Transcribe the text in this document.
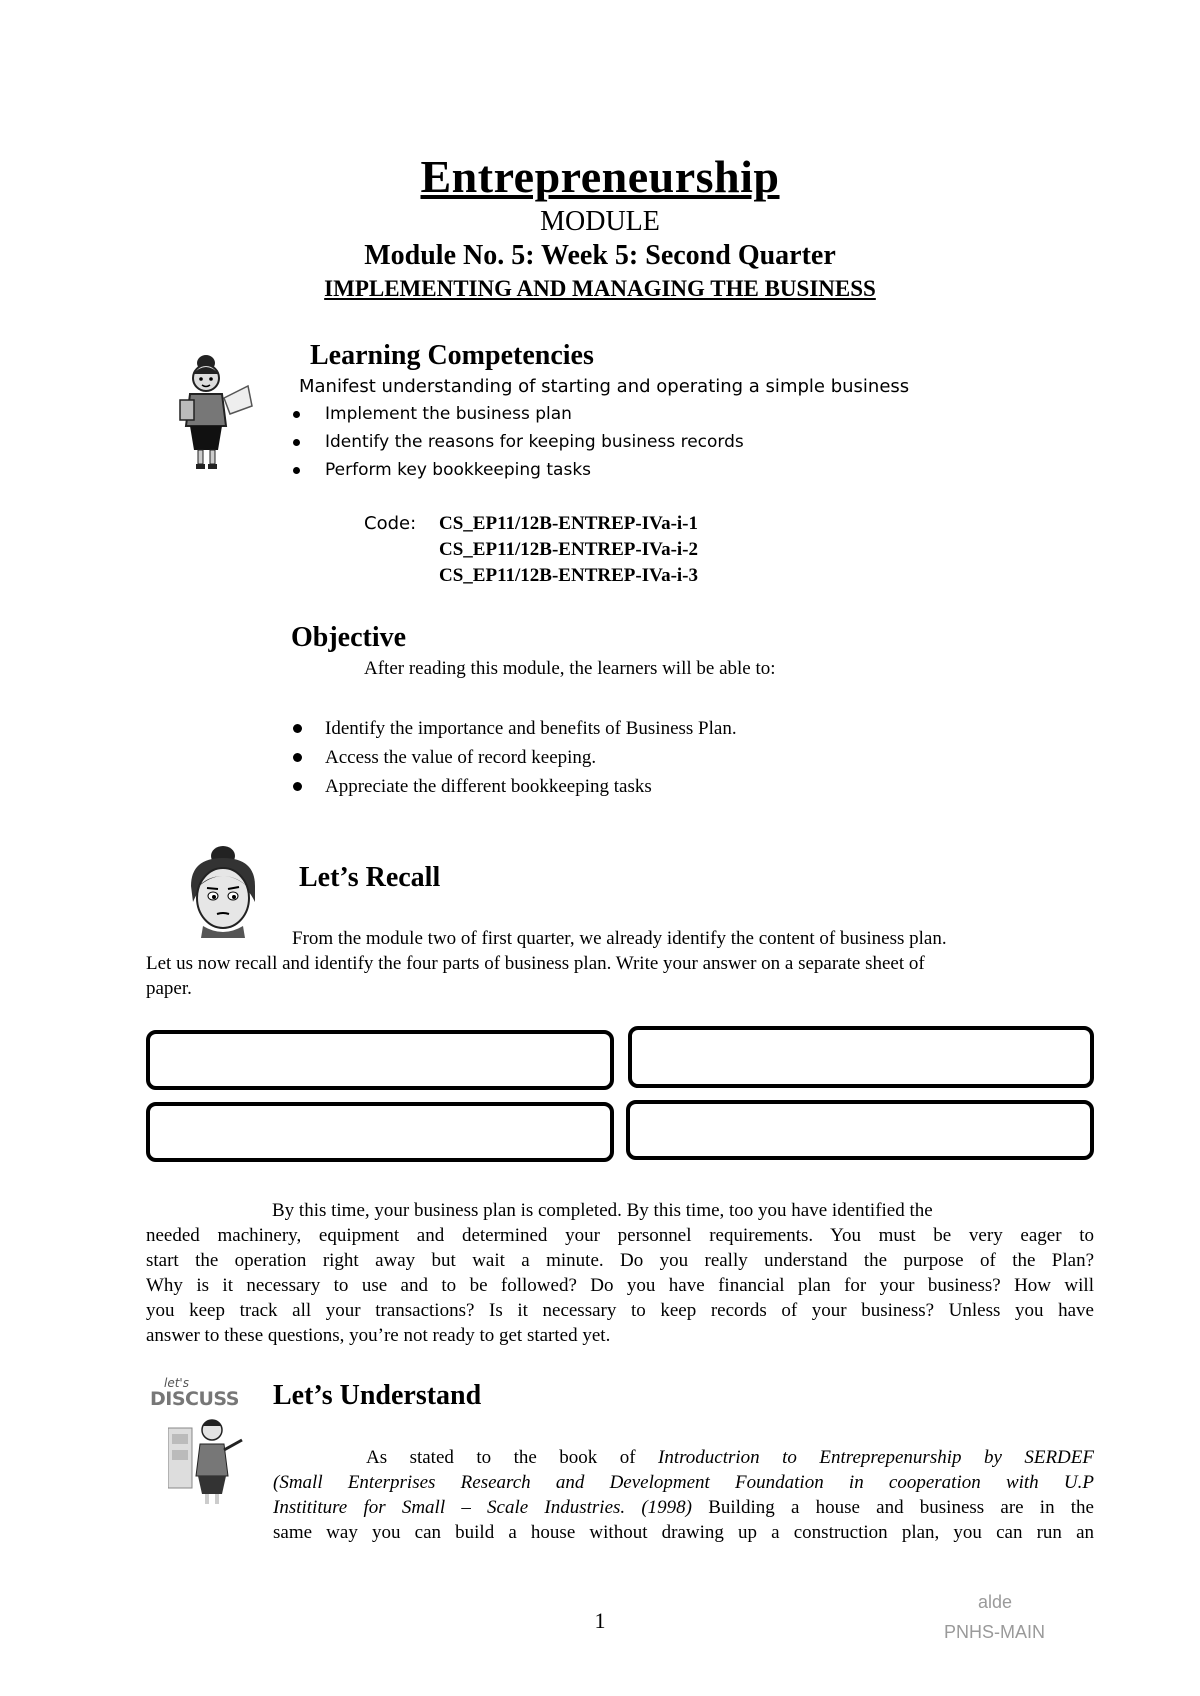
Entrepreneurship
MODULE
Module No. 5: Week 5: Second Quarter
IMPLEMENTING AND MANAGING THE BUSINESS
Learning Competencies
Manifest understanding of starting and operating a simple business
Implement the business plan
Identify the reasons for keeping business records
Perform key bookkeeping tasks
Code: CS_EP11/12B-ENTREP-IVa-i-1
CS_EP11/12B-ENTREP-IVa-i-2
CS_EP11/12B-ENTREP-IVa-i-3
Objective
After reading this module, the learners will be able to:
Identify the importance and benefits of Business Plan.
Access the value of record keeping.
Appreciate the different bookkeeping tasks
Let’s Recall
From the module two of first quarter, we already identify the content of business plan.
Let us now recall and identify the four parts of business plan. Write your answer on a separate sheet of
paper.
By this time, your business plan is completed. By this time, too you have identified the
needed machinery, equipment and determined your personnel requirements. You must be very eager to
start the operation right away but wait a minute. Do you really understand the purpose of the Plan?
Why is it necessary to use and to be followed? Do you have financial plan for your business? How will
you keep track all your transactions? Is it necessary to keep records of your business? Unless you have
answer to these questions, you’re not ready to get started yet.
let's
DISCUSS Let’s Understand
As stated to the book of Introductrion to Entreprepenurship by SERDEF
(Small Enterprises Research and Development Foundation in cooperation with U.P
Instititure for Small – Scale Industries. (1998) Building a house and business are in the
same way you can build a house without drawing up a construction plan, you can run an
1
alde
PNHS-MAIN
